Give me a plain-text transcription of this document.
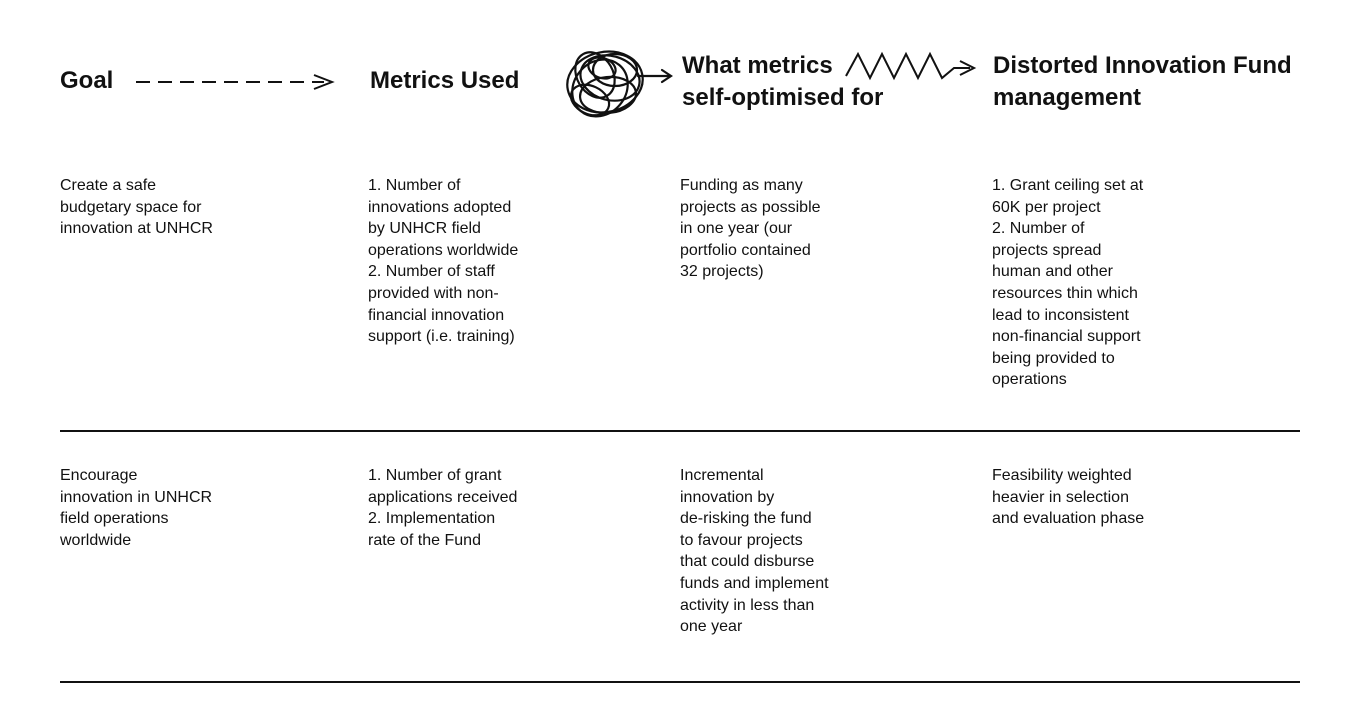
Goal	Metrics Used
What metrics
self-optimised for
Distorted Innovation Fund
management
Create a safe
budgetary space for
innovation at UNHCR
1. Number of
innovations adopted
by UNHCR field
operations worldwide
2. Number of staff
provided with non-
financial innovation
support (i.e. training)
Funding as many
projects as possible
in one year (our
portfolio contained
32 projects)
1. Grant ceiling set at
60K per project
2. Number of
projects spread
human and other
resources thin which
lead to inconsistent
non-financial support
being provided to
operations
Encourage
innovation in UNHCR
field operations
worldwide
1. Number of grant
applications received
2. Implementation
rate of the Fund
Incremental
innovation by
de-risking the fund
to favour projects
that could disburse
funds and implement
activity in less than
one year
Feasibility weighted
heavier in selection
and evaluation phase
